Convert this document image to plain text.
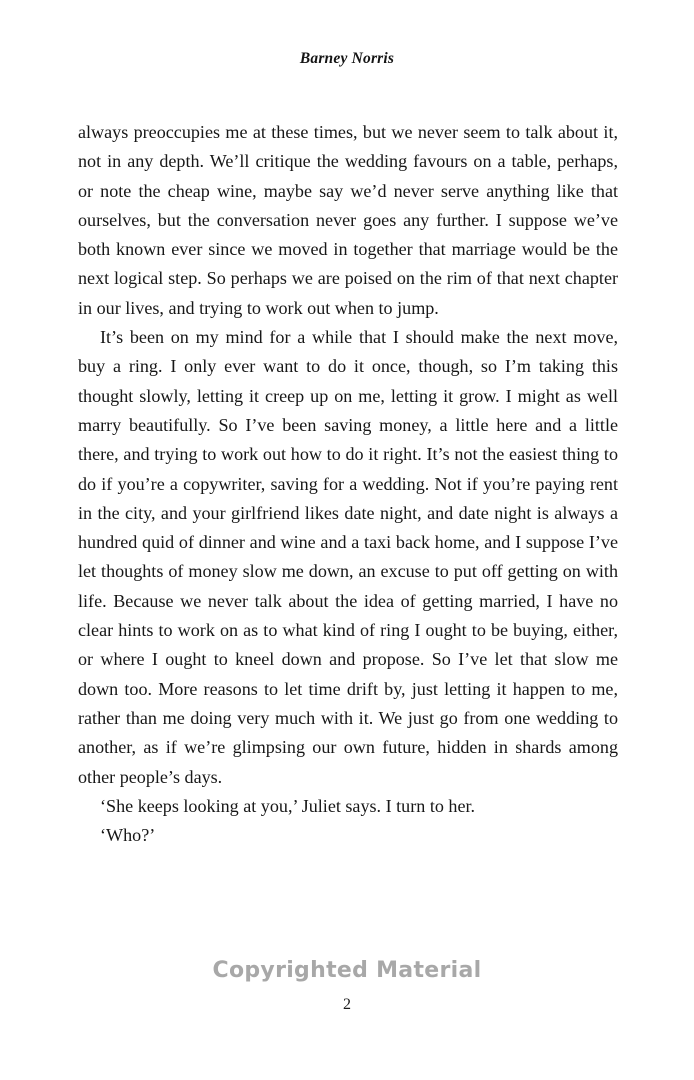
Barney Norris

always preoccupies me at these times, but we never seem to talk about it, not in any depth. We’ll critique the wedding favours on a table, perhaps, or note the cheap wine, maybe say we’d never serve anything like that ourselves, but the conversation never goes any further. I suppose we’ve both known ever since we moved in together that marriage would be the next logical step. So perhaps we are poised on the rim of that next chapter in our lives, and trying to work out when to jump.

It’s been on my mind for a while that I should make the next move, buy a ring. I only ever want to do it once, though, so I’m taking this thought slowly, letting it creep up on me, letting it grow. I might as well marry beautifully. So I’ve been saving money, a little here and a little there, and trying to work out how to do it right. It’s not the easiest thing to do if you’re a copywriter, saving for a wedding. Not if you’re paying rent in the city, and your girlfriend likes date night, and date night is always a hundred quid of dinner and wine and a taxi back home, and I suppose I’ve let thoughts of money slow me down, an excuse to put off getting on with life. Because we never talk about the idea of getting married, I have no clear hints to work on as to what kind of ring I ought to be buying, either, or where I ought to kneel down and propose. So I’ve let that slow me down too. More reasons to let time drift by, just letting it happen to me, rather than me doing very much with it. We just go from one wedding to another, as if we’re glimpsing our own future, hidden in shards among other people’s days.

‘She keeps looking at you,’ Juliet says. I turn to her.

‘Who?’

Copyrighted Material
2
